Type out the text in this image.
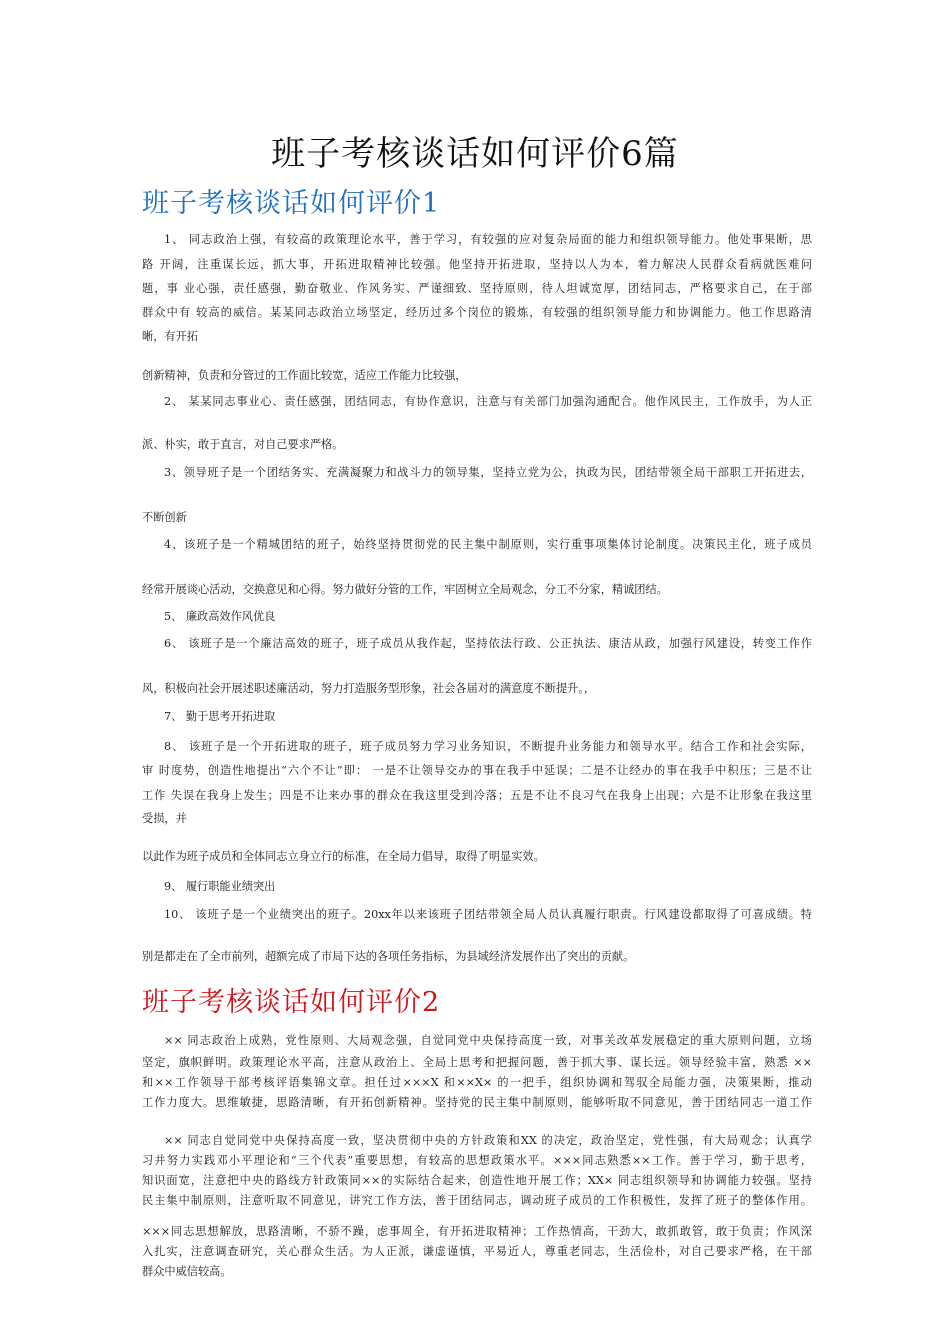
班子考核谈话如何评价6篇
班子考核谈话如何评价1
1、 同志政治上强，有较高的政策理论水平，善于学习，有较强的应对复杂局面的能力和组织领导能力。他处事果断，思
路 开阔，注重谋长远，抓大事，开拓进取精神比较强。他坚持开拓进取，坚持以人为本，着力解决人民群众看病就医难问
题，事 业心强，责任感强，勤奋敬业、作风务实、严谨细致、坚持原则，待人坦诚宽厚，团结同志，严格要求自己，在于部
群众中有 较高的威信。某某同志政治立场坚定，经历过多个岗位的锻炼，有较强的组织领导能力和协调能力。他工作思路清
晰，有开拓
创新精神，负责和分管过的工作面比较宽，适应工作能力比较强，
2、 某某同志事业心、责任感强，团结同志，有协作意识，注意与有关部门加强沟通配合。他作风民主，工作放手，为人正
派、朴实，敢于直言，对自己要求严格。
3、领导班子是一个团结务实、充满凝聚力和战斗力的领导集，坚持立党为公，执政为民，团结带领全局干部职工开拓进去，
不断创新
4、该班子是一个精城团结的班子，始终坚持贯彻党的民主集中制原则，实行重事项集体讨论制度。决策民主化，班子成员
经常开展谈心活动，交换意见和心得。努力做好分管的工作，牢固树立全局观念，分工不分家，精诚团结。
5、 廉政高效作风优良
6、 该班子是一个廉洁高效的班子，班子成员从我作起，坚持依法行政、公正执法、康洁从政，加强行风建设，转变工作作
风，积极向社会开展述职述廉活动，努力打造服务型形象，社会各届对的满意度不断提升。，
7、 勤于思考开拓进取
8、 该班子是一个开拓进取的班子，班子成员努力学习业务知识，不断提升业务能力和领导水平。结合工作和社会实际，
审 时度势，创造性地提出“六个不让”即： 一是不让领导交办的事在我手中延误；二是不让经办的事在我手中积压；三是不让
工作 失误在我身上发生；四是不让来办事的群众在我这里受到冷落；五是不让不良习气在我身上出现；六是不让形象在我这里
受损，并
以此作为班子成员和全体同志立身立行的标准，在全局力倡导，取得了明显实效。
9、 履行职能业绩突出
10、 该班子是一个业绩突出的班子。20xx年以来该班子团结带领全局人员认真履行职责。行风建设都取得了可喜成绩。特
别是都走在了全市前列，超额完成了市局下达的各项任务指标，为县域经济发展作出了突出的贡献。
班子考核谈话如何评价2
×× 同志政治上成熟，党性原则、大局观念强，自觉同党中央保持高度一致，对事关改革发展稳定的重大原则问题，立场
坚定，旗帜鲜明。政策理论水平高，注意从政治上、全局上思考和把握问题，善于抓大事、谋长远。领导经验丰富，熟悉 ××
和××工作领导干部考核评语集锦文章。担任过×××X 和××X× 的一把手，组织协调和驾驭全局能力强，决策果断，推动
工作力度大。思维敏捷，思路清晰，有开拓创新精神。坚持党的民主集中制原则，能够听取不同意见，善于团结同志一道工作
×× 同志自觉同党中央保持高度一致，坚决贯彻中央的方针政策和XX 的决定，政治坚定，党性强，有大局观念；认真学
习并努力实践邓小平理论和“三个代表”重要思想，有较高的思想政策水平。×××同志熟悉××工作。善于学习，勤于思考，
知识面宽，注意把中央的路线方针政策同××的实际结合起来，创造性地开展工作；XX× 同志组织领导和协调能力较强。坚持
民主集中制原则，注意听取不同意见，讲究工作方法，善于团结同志，调动班子成员的工作积极性，发挥了班子的整体作用。
×××同志思想解放，思路清晰，不骄不躁，虑事周全，有开拓进取精神；工作热情高，干劲大，敢抓敢管，敢于负责；作风深
入扎实，注意调查研究，关心群众生活。为人正派，谦虚谨慎，平易近人，尊重老同志，生活俭朴，对自己要求严格，在干部
群众中威信较高。
